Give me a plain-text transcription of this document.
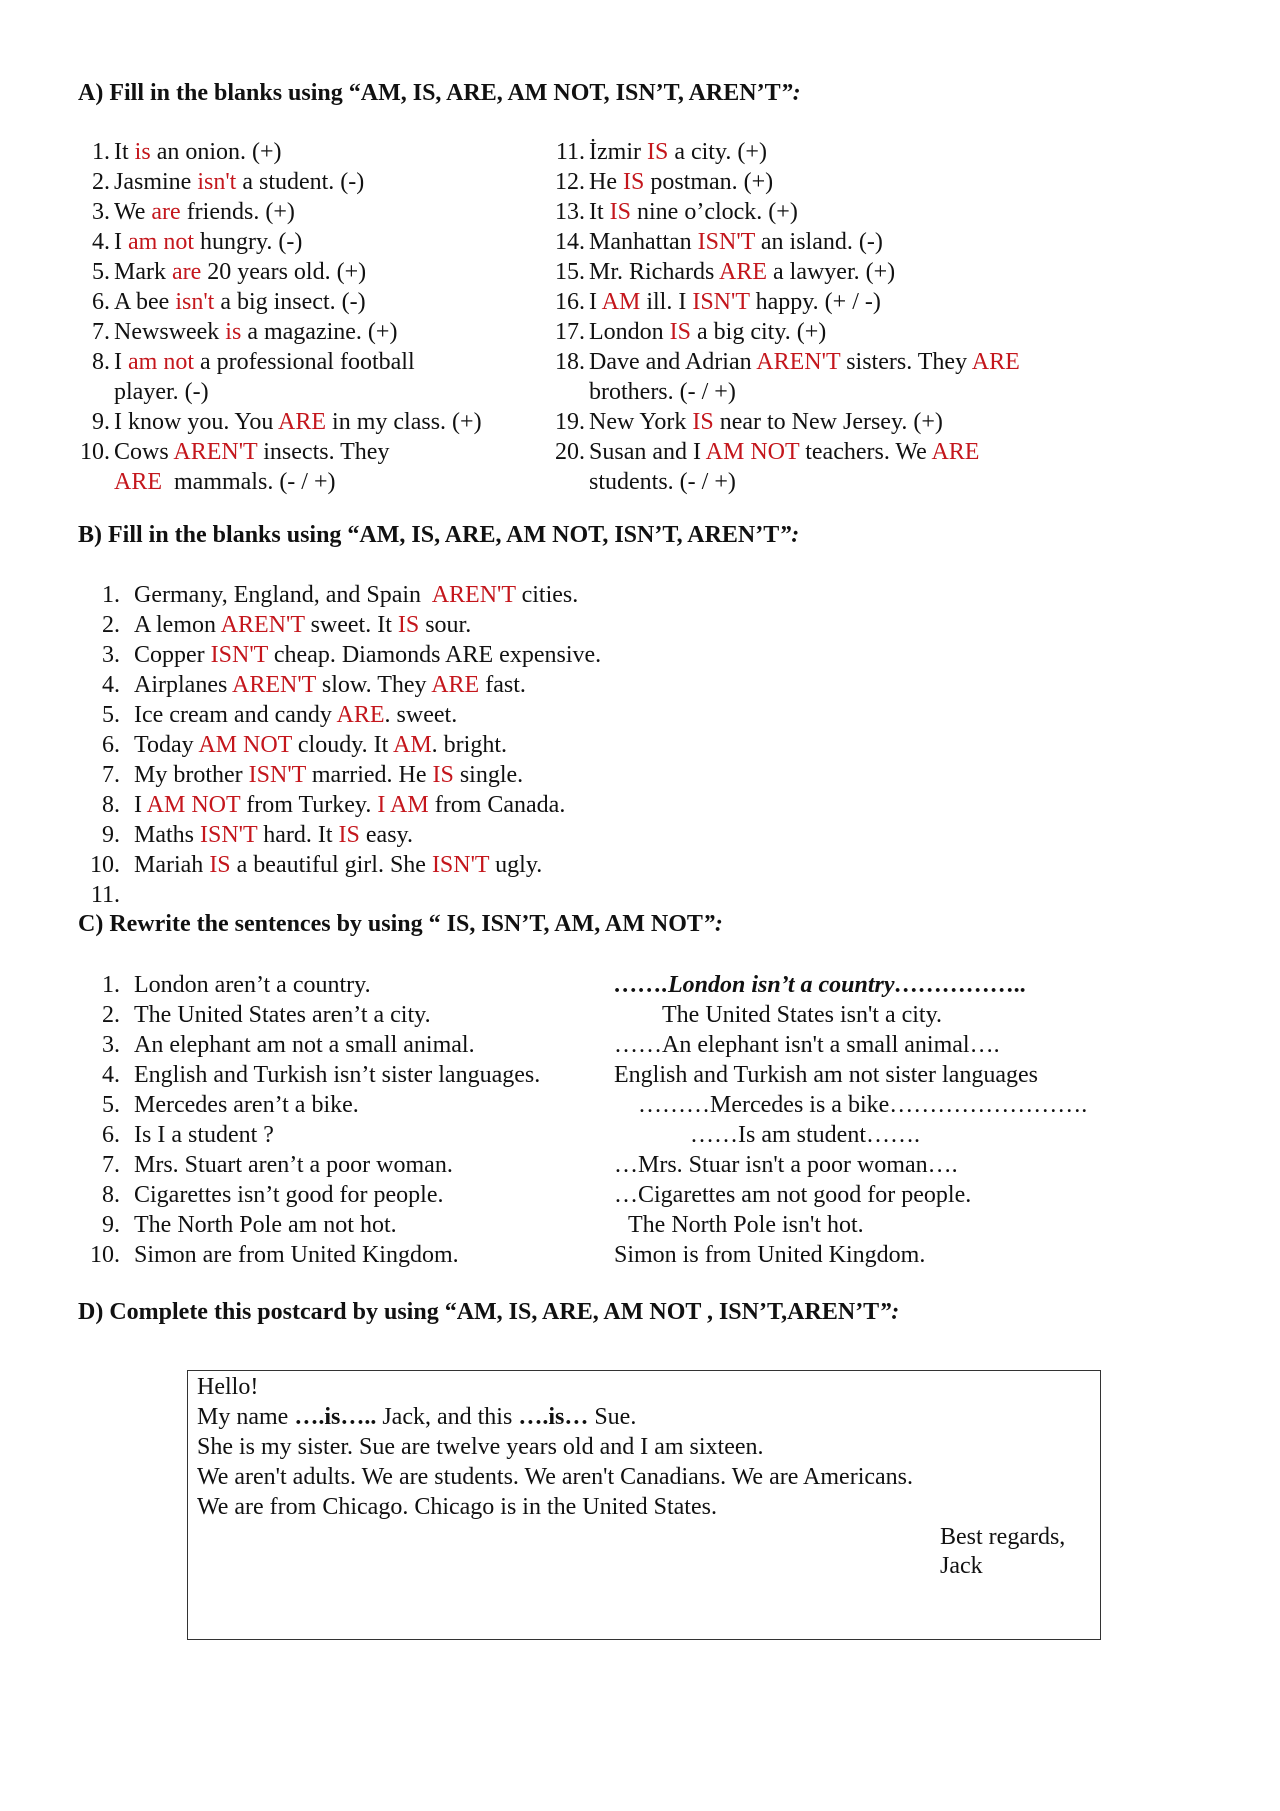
A) Fill in the blanks using “AM, IS, ARE, AM NOT, ISN’T, AREN’T”:
1. It is an onion. (+)
2. Jasmine isn't a student. (-)
3. We are friends. (+)
4. I am not hungry. (-)
5. Mark are 20 years old. (+)
6. A bee isn't a big insect. (-)
7. Newsweek is a magazine. (+)
8. I am not a professional football
player. (-)
9. I know you. You ARE in my class. (+)
10. Cows AREN'T insects. They
ARE  mammals. (- / +)
11. İzmir IS a city. (+)
12. He IS postman. (+)
13. It IS nine o’clock. (+)
14. Manhattan ISN'T an island. (-)
15. Mr. Richards ARE a lawyer. (+)
16. I AM ill. I ISN'T happy. (+ / -)
17. London IS a big city. (+)
18. Dave and Adrian AREN'T sisters. They ARE
brothers. (- / +)
19. New York IS near to New Jersey. (+)
20. Susan and I AM NOT teachers. We ARE
students. (- / +)
B) Fill in the blanks using “AM, IS, ARE, AM NOT, ISN’T, AREN’T”:
1. Germany, England, and Spain  AREN'T cities.
2. A lemon AREN'T sweet. It IS sour.
3. Copper ISN'T cheap. Diamonds ARE expensive.
4. Airplanes AREN'T slow. They ARE fast.
5. Ice cream and candy ARE. sweet.
6. Today AM NOT cloudy. It AM. bright.
7. My brother ISN'T married. He IS single.
8. I AM NOT from Turkey. I AM from Canada.
9. Maths ISN'T hard. It IS easy.
10. Mariah IS a beautiful girl. She ISN'T ugly.
11.
C) Rewrite the sentences by using “ IS, ISN’T, AM, AM NOT”:
1. London aren’t a country.
2. The United States aren’t a city.
3. An elephant am not a small animal.
4. English and Turkish isn’t sister languages.
5. Mercedes aren’t a bike.
6. Is I a student ?
7. Mrs. Stuart aren’t a poor woman.
8. Cigarettes isn’t good for people.
9. The North Pole am not hot.
10. Simon are from United Kingdom.
…….London isn’t a country……………..
The United States isn't a city.
……An elephant isn't a small animal….
English and Turkish am not sister languages
………Mercedes is a bike…………………….
……Is am student…….
…Mrs. Stuar isn't a poor woman….
…Cigarettes am not good for people.
The North Pole isn't hot.
Simon is from United Kingdom.
D) Complete this postcard by using “AM, IS, ARE, AM NOT , ISN’T,AREN’T”:
Hello!
My name ….is….. Jack, and this ….is… Sue.
She is my sister. Sue are twelve years old and I am sixteen.
We aren't adults. We are students. We aren't Canadians. We are Americans.
We are from Chicago. Chicago is in the United States.
Best regards,
Jack
